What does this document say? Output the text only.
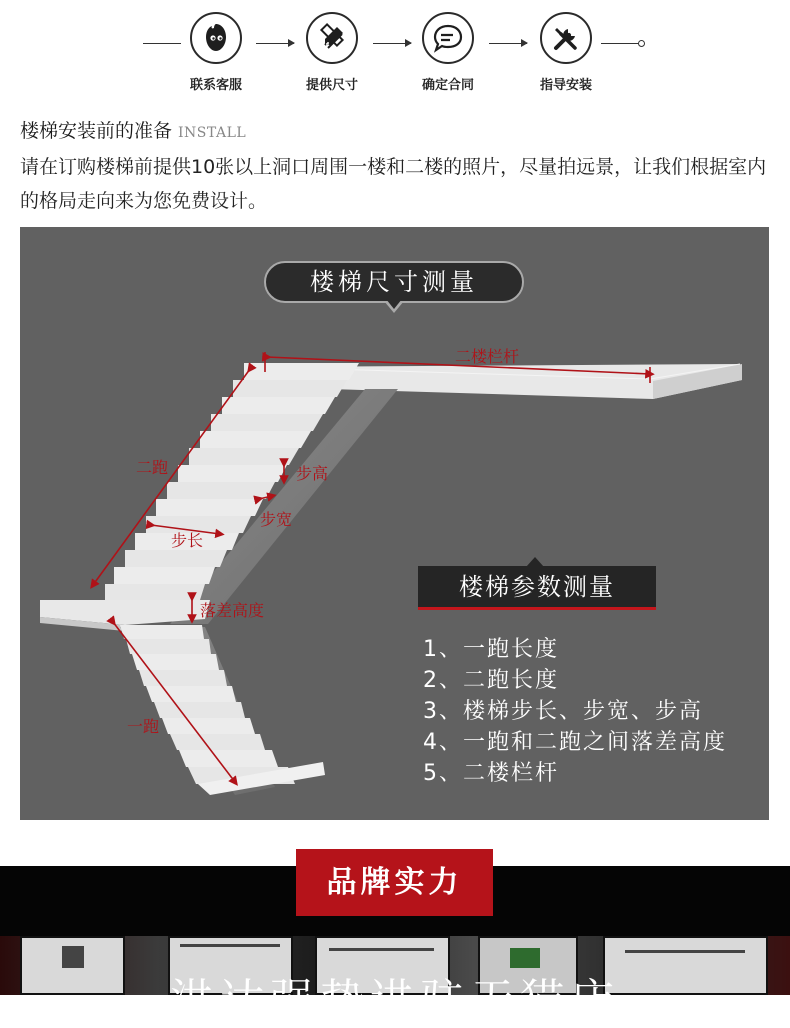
联系客服	提供尺寸	确定合同	指导安装
楼梯安装前的准备 INSTALL

请在订购楼梯前提供10张以上洞口周围一楼和二楼的照片，尽量拍远景，让我们根据室内的格局走向来为您免费设计。

楼梯尺寸测量
二楼栏杆
二跑	步高
步宽
步长
落差高度
一跑
楼梯参数测量
1、一跑长度
2、二跑长度
3、楼梯步长、步宽、步高
4、一跑和二跑之间落差高度
5、二楼栏杆
洪达强势进驻天猫店
品牌实力
